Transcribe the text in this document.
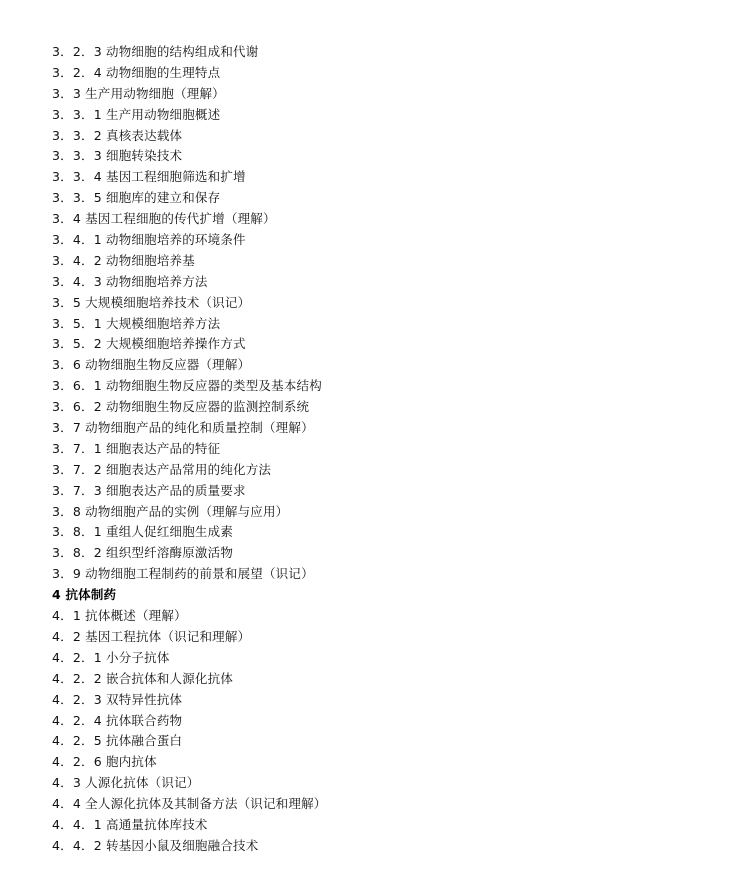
3．2．3 动物细胞的结构组成和代谢
3．2．4 动物细胞的生理特点
3．3 生产用动物细胞（理解）
3．3．1 生产用动物细胞概述
3．3．2 真核表达载体
3．3．3 细胞转染技术
3．3．4 基因工程细胞筛选和扩增
3．3．5 细胞库的建立和保存
3．4 基因工程细胞的传代扩增（理解）
3．4．1 动物细胞培养的环境条件
3．4．2 动物细胞培养基
3．4．3 动物细胞培养方法
3．5 大规模细胞培养技术（识记）
3．5．1 大规模细胞培养方法
3．5．2 大规模细胞培养操作方式
3．6 动物细胞生物反应器（理解）
3．6．1 动物细胞生物反应器的类型及基本结构
3．6．2 动物细胞生物反应器的监测控制系统
3．7 动物细胞产品的纯化和质量控制（理解）
3．7．1 细胞表达产品的特征
3．7．2 细胞表达产品常用的纯化方法
3．7．3 细胞表达产品的质量要求
3．8 动物细胞产品的实例（理解与应用）
3．8．1 重组人促红细胞生成素
3．8．2 组织型纤溶酶原激活物
3．9 动物细胞工程制药的前景和展望（识记）
4 抗体制药
4．1 抗体概述（理解）
4．2 基因工程抗体（识记和理解）
4．2．1 小分子抗体
4．2．2 嵌合抗体和人源化抗体
4．2．3 双特异性抗体
4．2．4 抗体联合药物
4．2．5 抗体融合蛋白
4．2．6 胞内抗体
4．3 人源化抗体（识记）
4．4 全人源化抗体及其制备方法（识记和理解）
4．4．1 高通量抗体库技术
4．4．2 转基因小鼠及细胞融合技术
